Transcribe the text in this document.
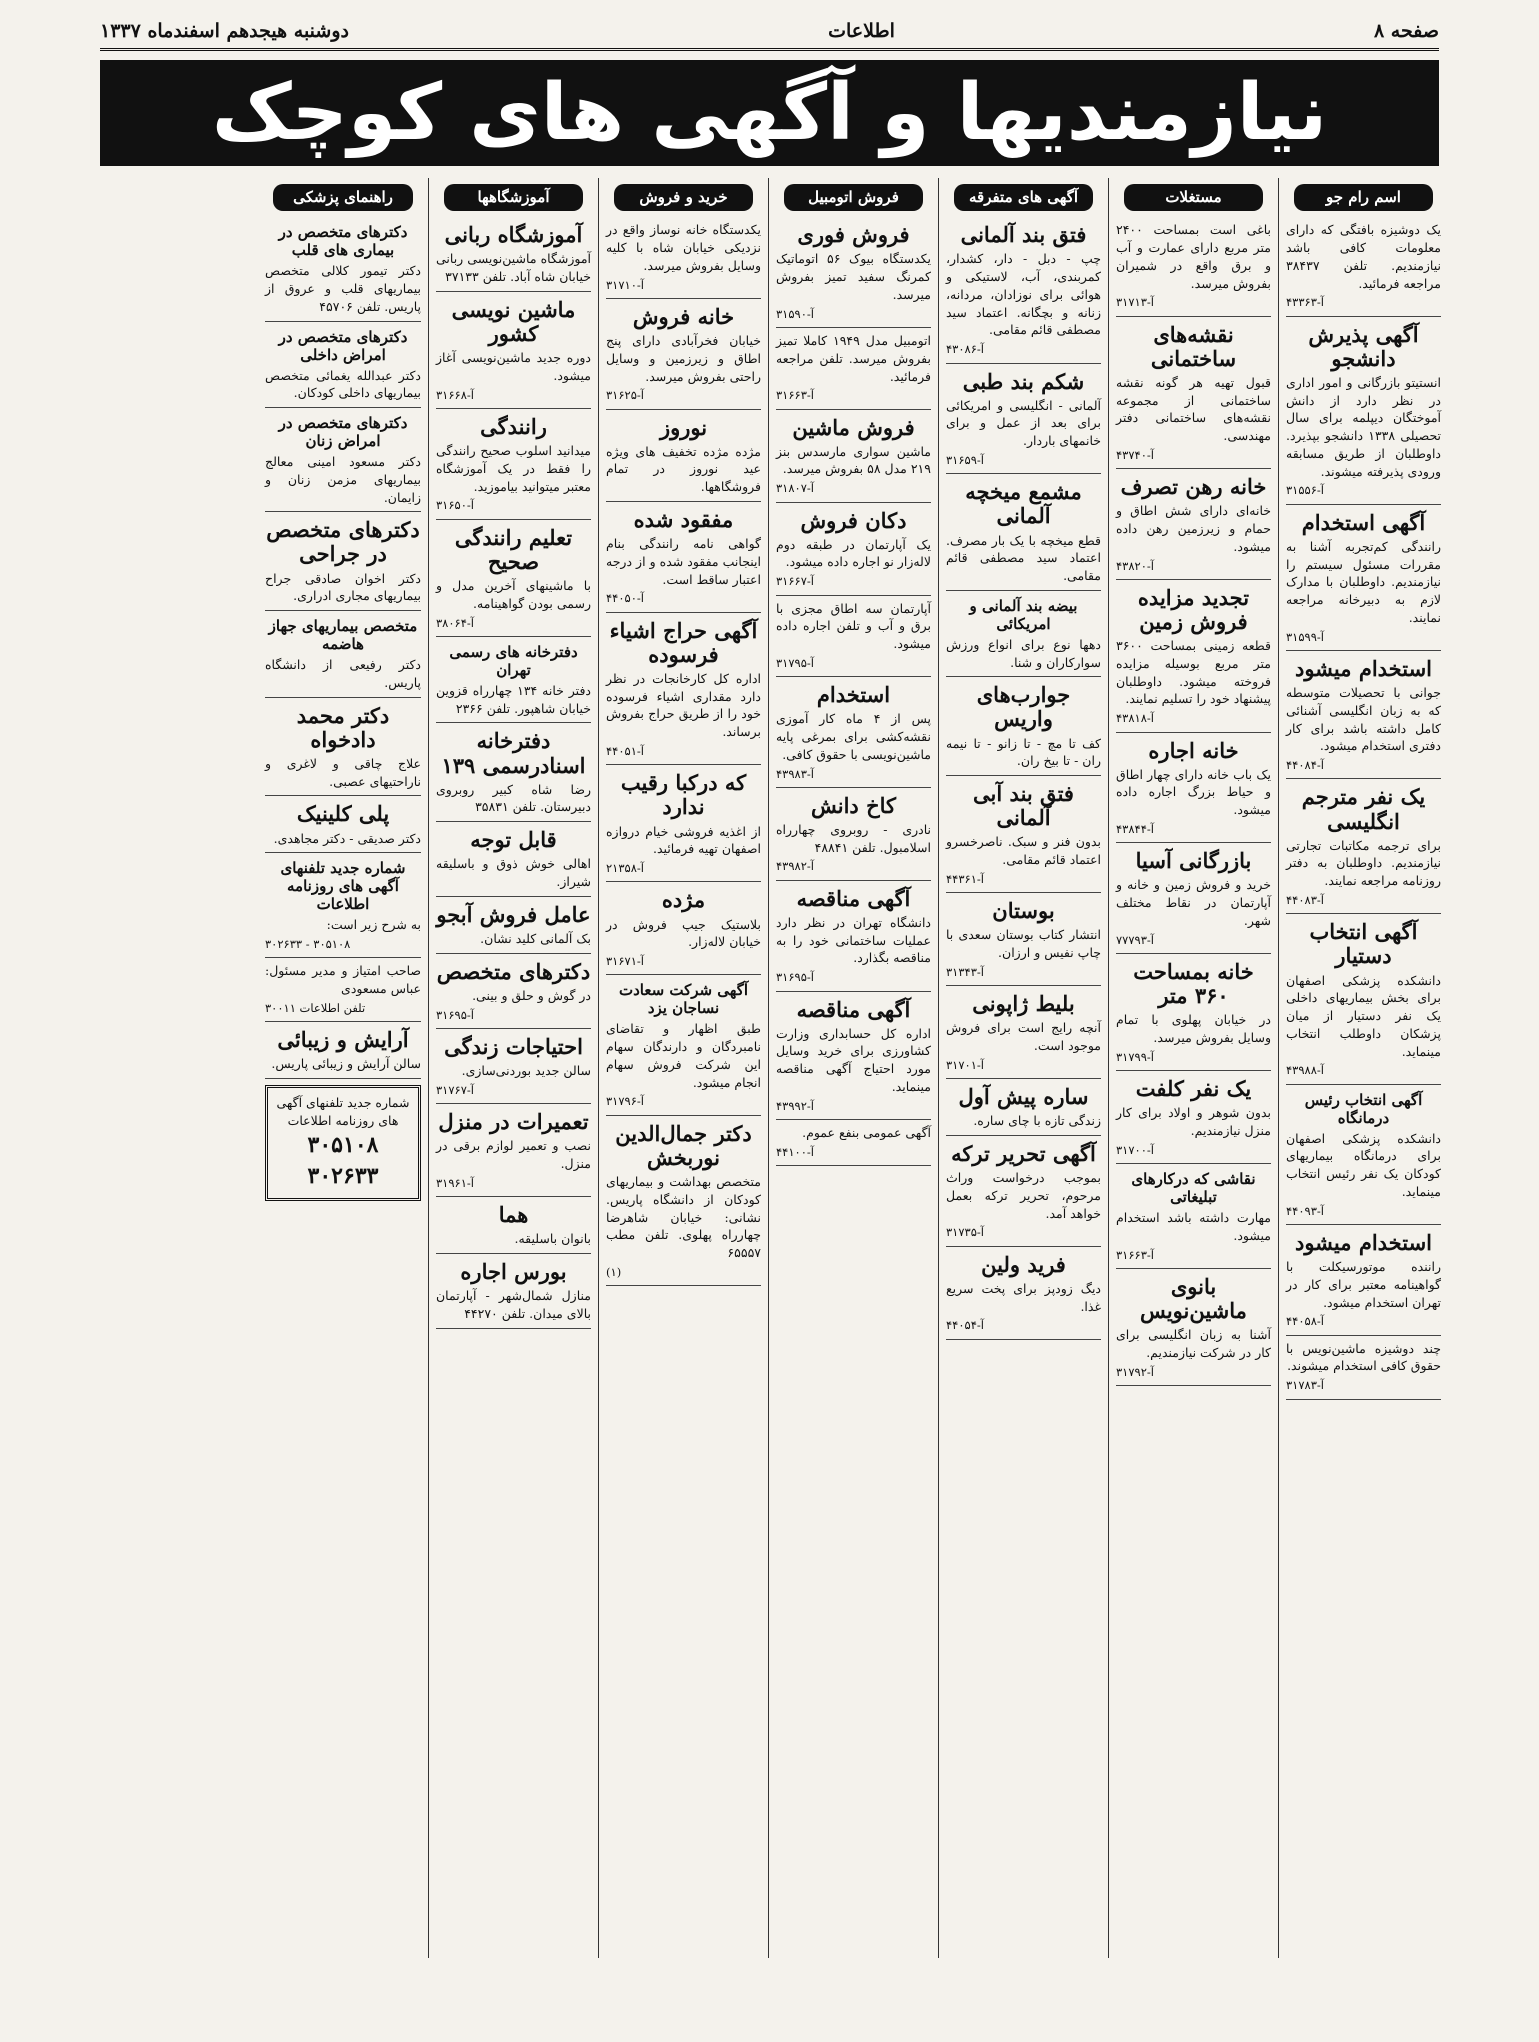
صفحه ۸
اطلاعات
دوشنبه هیجدهم اسفندماه ۱۳۳۷
نیازمندیها و آگهی های کوچک
اسم رام جو

یک دوشیزه بافتگی که دارای معلومات کافی باشد نیازمندیم. تلفن ۳۸۴۳۷ مراجعه فرمائید.

آ-۴۳۳۶۳
آگهی پذیرش دانشجو

انستیتو بازرگانی و امور اداری در نظر دارد از دانش آموختگان دیپلمه برای سال تحصیلی ۱۳۳۸ دانشجو بپذیرد. داوطلبان از طریق مسابقه ورودی پذیرفته میشوند.

آ-۳۱۵۵۶
آگهی استخدام

رانندگی کم‌تجربه آشنا به مقررات مسئول سیستم را نیازمندیم. داوطلبان با مدارک لازم به دبیرخانه مراجعه نمایند.

آ-۳۱۵۹۹
استخدام میشود

جوانی با تحصیلات متوسطه که به زبان انگلیسی آشنائی کامل داشته باشد برای کار دفتری استخدام میشود.

آ-۴۴۰۸۴
یک نفر مترجم انگلیسی

برای ترجمه مکاتبات تجارتی نیازمندیم. داوطلبان به دفتر روزنامه مراجعه نمایند.

آ-۴۴۰۸۳
آگهی انتخاب دستیار

دانشکده پزشکی اصفهان برای بخش بیماریهای داخلی یک نفر دستیار از میان پزشکان داوطلب انتخاب مینماید.

آ-۴۳۹۸۸
آگهی انتخاب رئیس درمانگاه

دانشکده پزشکی اصفهان برای درمانگاه بیماریهای کودکان یک نفر رئیس انتخاب مینماید.

آ-۴۴۰۹۳
استخدام میشود

راننده موتورسیکلت با گواهینامه معتبر برای کار در تهران استخدام میشود.

آ-۴۴۰۵۸

چند دوشیزه ماشین‌نویس با حقوق کافی استخدام میشوند.

آ-۳۱۷۸۳
مستغلات

باغی است بمساحت ۲۴۰۰ متر مربع دارای عمارت و آب و برق واقع در شمیران بفروش میرسد.

آ-۳۱۷۱۳
نقشه‌های ساختمانی

قبول تهیه هر گونه نقشه ساختمانی از مجموعه نقشه‌های ساختمانی دفتر مهندسی.

آ-۴۳۷۴۰
خانه رهن تصرف

خانه‌ای دارای شش اطاق و حمام و زیرزمین رهن داده میشود.

آ-۴۳۸۲۰
تجدید مزایده فروش زمین

قطعه زمینی بمساحت ۳۶۰۰ متر مربع بوسیله مزایده فروخته میشود. داوطلبان پیشنهاد خود را تسلیم نمایند.

آ-۴۳۸۱۸
خانه اجاره

یک باب خانه دارای چهار اطاق و حیاط بزرگ اجاره داده میشود.

آ-۴۳۸۴۴
بازرگانی آسیا

خرید و فروش زمین و خانه و آپارتمان در نقاط مختلف شهر.

آ-۷۷۷۹۳
خانه بمساحت ۳۶۰ متر

در خیابان پهلوی با تمام وسایل بفروش میرسد.

آ-۳۱۷۹۹
یک نفر کلفت

بدون شوهر و اولاد برای کار منزل نیازمندیم.

آ-۳۱۷۰۰
نقاشی که درکارهای تبلیغاتی

مهارت داشته باشد استخدام میشود.

آ-۳۱۶۶۳
بانوی ماشین‌نویس

آشنا به زبان انگلیسی برای کار در شرکت نیازمندیم.

آ-۳۱۷۹۲
آگهی های متفرقه
فتق بند آلمانی

چپ - دبل - دار، کشدار، کمربندی، آب، لاستیکی و هوائی برای نوزادان، مردانه، زنانه و بچگانه. اعتماد سید مصطفی قائم مقامی.

آ-۴۳۰۸۶
شکم بند طبی

آلمانی - انگلیسی و امریکائی برای بعد از عمل و برای خانمهای باردار.

آ-۳۱۶۵۹
مشمع میخچه آلمانی

قطع میخچه با یک بار مصرف. اعتماد سید مصطفی قائم مقامی.

بیضه بند آلمانی و امریکائی

دهها نوع برای انواع ورزش سوارکاران و شنا.

جوارب‌های واریس

کف تا مچ - تا زانو - تا نیمه ران - تا بیخ ران.

فتق بند آبی آلمانی

بدون فنر و سبک. ناصرخسرو اعتماد قائم مقامی.

آ-۴۴۳۶۱
بوستان

انتشار کتاب بوستان سعدی با چاپ نفیس و ارزان.

آ-۳۱۳۴۳
بلیط ژاپونی

آنچه رایج است برای فروش موجود است.

آ-۳۱۷۰۱
ساره پیش آول

زندگی تازه با چای ساره.

آگهی تحریر ترکه

بموجب درخواست وراث مرحوم، تحریر ترکه بعمل خواهد آمد.

آ-۳۱۷۳۵
فرید ولین

دیگ زودپز برای پخت سریع غذا.

آ-۴۴۰۵۴
فروش اتومبیل
فروش فوری

یکدستگاه بیوک ۵۶ اتوماتیک کمرنگ سفید تمیز بفروش میرسد.

آ-۳۱۵۹۰

اتومبیل مدل ۱۹۴۹ کاملا تمیز بفروش میرسد. تلفن مراجعه فرمائید.

آ-۳۱۶۶۳
فروش ماشین

ماشین سواری مارسدس بنز ۲۱۹ مدل ۵۸ بفروش میرسد.

آ-۳۱۸۰۷
دکان فروش

یک آپارتمان در طبقه دوم لاله‌زار نو اجاره داده میشود.

آ-۳۱۶۶۷

آپارتمان سه اطاق مجزی با برق و آب و تلفن اجاره داده میشود.

آ-۳۱۷۹۵
استخدام

پس از ۴ ماه کار آموزی نقشه‌کشی برای بمرغی پایه ماشین‌نویسی با حقوق کافی.

آ-۴۳۹۸۳
کاخ دانش

نادری - روبروی چهارراه اسلامبول. تلفن ۴۸۸۴۱

آ-۴۳۹۸۲
آگهی مناقصه

دانشگاه تهران در نظر دارد عملیات ساختمانی خود را به مناقصه بگذارد.

آ-۳۱۶۹۵
آگهی مناقصه

اداره کل حسابداری وزارت کشاورزی برای خرید وسایل مورد احتیاج آگهی مناقصه مینماید.

آ-۴۳۹۹۲

آگهی عمومی بنفع عموم.

آ-۴۴۱۰۰
خرید و فروش

یکدستگاه خانه نوساز واقع در نزدیکی خیابان شاه با کلیه وسایل بفروش میرسد.

آ-۳۱۷۱۰
خانه فروش

خیابان فخرآبادی دارای پنج اطاق و زیرزمین و وسایل راحتی بفروش میرسد.

آ-۳۱۶۲۵
نوروز

مژده مژده تخفیف های ویژه عید نوروز در تمام فروشگاهها.

مفقود شده

گواهی نامه رانندگی بنام اینجانب مفقود شده و از درجه اعتبار ساقط است.

آ-۴۴۰۵۰
آگهی حراج اشیاء فرسوده

اداره کل کارخانجات در نظر دارد مقداری اشیاء فرسوده خود را از طریق حراج بفروش برساند.

آ-۴۴۰۵۱
که درکبا رقیب ندارد

از اغذیه فروشی خیام دروازه اصفهان تهیه فرمائید.

آ-۲۱۳۵۸
مژده

بلاستیک جیپ فروش در خیابان لاله‌زار.

آ-۳۱۶۷۱
آگهی شرکت سعادت نساجان یزد

طبق اظهار و تقاضای نامبردگان و دارندگان سهام این شرکت فروش سهام انجام میشود.

آ-۳۱۷۹۶
دکتر جمال‌الدین نوربخش

متخصص بهداشت و بیماریهای کودکان از دانشگاه پاریس. نشانی: خیابان شاهرضا چهارراه پهلوی. تلفن مطب ۶۵۵۵۷

(۱)
آموزشگاهها
آموزشگاه ربانی

آموزشگاه ماشین‌نویسی ربانی خیابان شاه آباد. تلفن ۳۷۱۳۳

ماشین نویسی کشور

دوره جدید ماشین‌نویسی آغاز میشود.

آ-۳۱۶۶۸
رانندگی

میدانید اسلوب صحیح رانندگی را فقط در یک آموزشگاه معتبر میتوانید بیاموزید.

آ-۳۱۶۵۰
تعلیم رانندگی صحیح

با ماشینهای آخرین مدل و رسمی بودن گواهینامه.

آ-۳۸۰۶۴
دفترخانه های رسمی تهران

دفتر خانه ۱۳۴ چهارراه قزوین خیابان شاهپور. تلفن ۲۳۶۶

دفترخانه اسنادرسمی ۱۳۹

رضا شاه کبیر روبروی دبیرستان. تلفن ۳۵۸۳۱

قابل توجه

اهالی خوش ذوق و باسلیقه شیراز.

عامل فروش آبجو

بک آلمانی کلید نشان.

دکترهای متخصص

در گوش و حلق و بینی.

آ-۳۱۶۹۵
احتیاجات زندگی

سالن جدید بوردنی‌سازی.

آ-۳۱۷۶۷
تعمیرات در منزل

نصب و تعمیر لوازم برقی در منزل.

آ-۳۱۹۶۱
هما

بانوان باسلیقه.

بورس اجاره

منازل شمال‌شهر - آپارتمان بالای میدان. تلفن ۴۴۲۷۰

راهنمای پزشکی
دکترهای متخصص در بیماری های قلب

دکتر تیمور کلالی متخصص بیماریهای قلب و عروق از پاریس. تلفن ۴۵۷۰۶

دکترهای متخصص در امراض داخلی

دکتر عبدالله یغمائی متخصص بیماریهای داخلی کودکان.

دکترهای متخصص در امراض زنان

دکتر مسعود امینی معالج بیماریهای مزمن زنان و زایمان.

دکترهای متخصص در جراحی

دکتر اخوان صادقی جراح بیماریهای مجاری ادراری.

متخصص بیماریهای جهاز هاضمه

دکتر رفیعی از دانشگاه پاریس.

دکتر محمد دادخواه

علاج چاقی و لاغری و ناراحتیهای عصبی.

پلی کلینیک

دکتر صدیقی - دکتر مجاهدی.

شماره جدید تلفنهای آگهی های روزنامه اطلاعات

به شرح زیر است:

۳۰۵۱۰۸ - ۳۰۲۶۳۳

صاحب امتیاز و مدیر مسئول: عباس مسعودی

تلفن اطلاعات ۳۰۰۱۱
آرایش و زیبائی

سالن آرایش و زیبائی پاریس.

شماره جدید تلفنهای آگهی های روزنامه اطلاعات
۳۰۵۱۰۸
۳۰۲۶۳۳
